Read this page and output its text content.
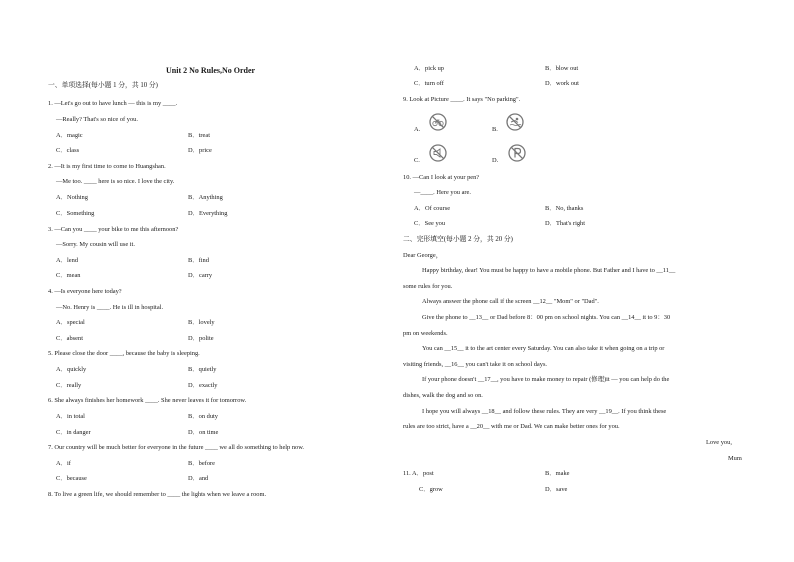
Unit 2 No Rules,No Order
一、单项选择(每小题 1 分，共 10 分)
1. —Let's go out to have lunch — this is my ____.
—Really? That's so nice of you.
A．magic	B．treat
C．class	D．price
2. —It is my first time to come to Huangshan.
—Me too. ____ here is so nice. I love the city.
A．Nothing	B．Anything
C．Something	D．Everything
3. —Can you ____ your bike to me this afternoon?
—Sorry. My cousin will use it.
A．lend	B．find
C．mean	D．carry
4. —Is everyone here today?
—No. Henry is ____. He is ill in hospital.
A．special	B．lovely
C．absent	D．polite
5. Please close the door ____, because the baby is sleeping.
A．quickly	B．quietly
C．really	D．exactly
6. She always finishes her homework ____. She never leaves it for tomorrow.
A．in total	B．on duty
C．in danger	D．on time
7. Our country will be much better for everyone in the future ____ we all do something to help now.
A．if	B．before
C．because	D．and
8. To live a green life, we should remember to ____ the lights when we leave a room.
A．pick up	B．blow out
C．turn off	D．work out
9. Look at Picture ____. It says "No parking".
A.	B.
C.	D.
10. —Can I look at your pen?
—____. Here you are.
A．Of course	B．No, thanks
C．See you	D．That's right
二、完形填空(每小题 2 分，共 20 分)
Dear George，
Happy birthday, dear! You must be happy to have a mobile phone. But Father and I have to __11__
some rules for you.
Always answer the phone call if the screen __12__ "Mom" or "Dad".
Give the phone to __13__ or Dad before 8：00 pm on school nights. You can __14__ it to 9：30
pm on weekends.
You can __15__ it to the art center every Saturday. You can also take it when going on a trip or
visiting friends, __16__ you can't take it on school days.
If your phone doesn't __17__, you have to make money to repair (修理)it — you can help do the
dishes, walk the dog and so on.
I hope you will always __18__ and follow these rules. They are very __19__. If you think these
rules are too strict, have a __20__ with me or Dad. We can make better ones for you.
Love you,
Mum
11. A．post	B．make
C．grow	D．save
